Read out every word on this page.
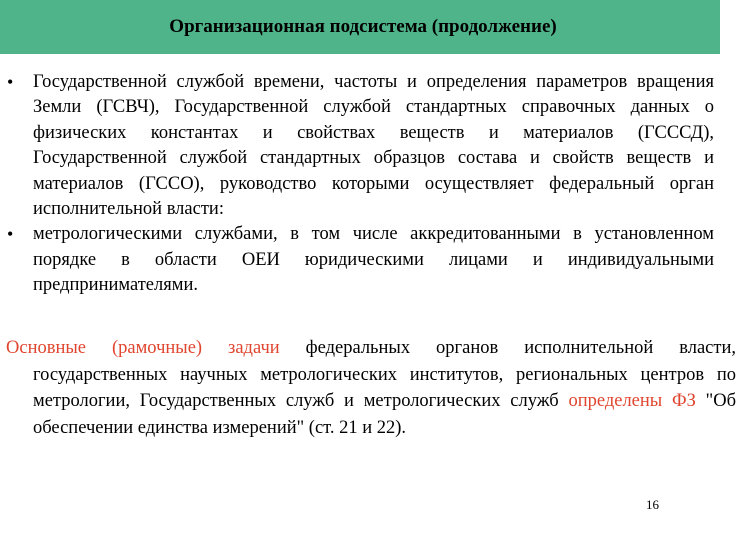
Организационная подсистема (продолжение)
• Государственной службой времени, частоты и определения параметров вращения Земли (ГСВЧ), Государственной службой стандартных справочных данных о физических константах и свойствах веществ и материалов (ГСССД), Государственной службой стандартных образцов состава и свойств веществ и материалов (ГССО), руководство которыми осуществляет федеральный орган исполнительной власти:
• метрологическими службами, в том числе аккредитованными в установленном порядке в области ОЕИ юридическими лицами и индивидуальными предпринимателями.

Основные (рамочные) задачи федеральных органов исполнительной власти, государственных научных метрологических институтов, региональных центров по метрологии, Государственных служб и метрологических служб определены ФЗ "Об обеспечении единства измерений" (ст. 21 и 22).

16
